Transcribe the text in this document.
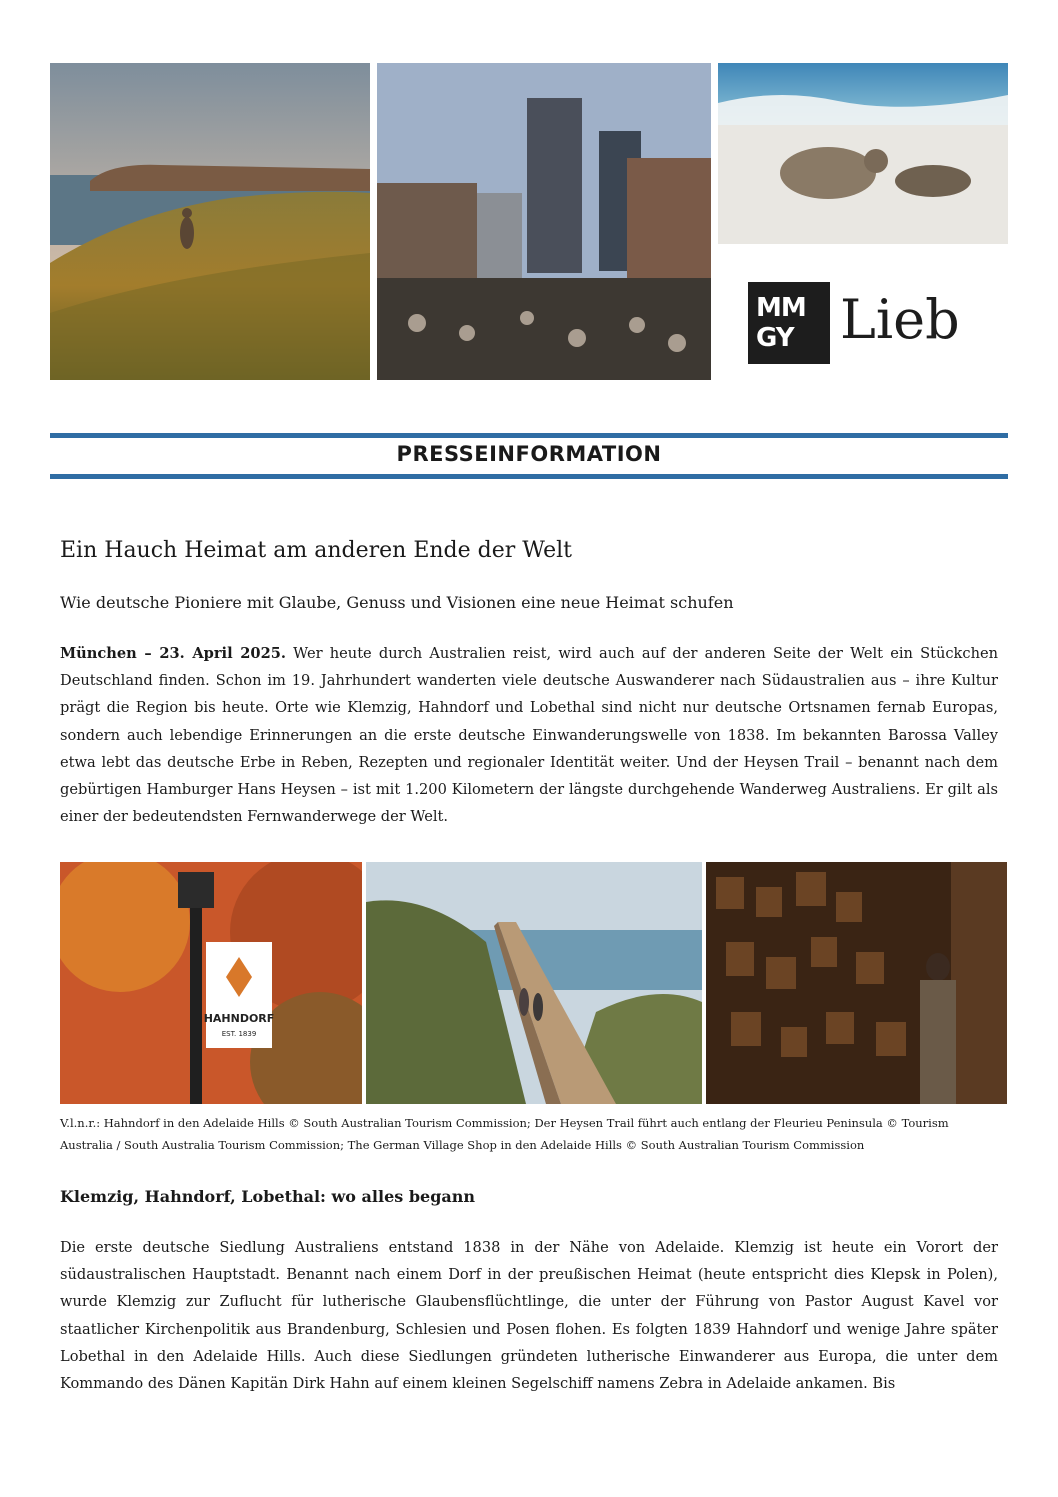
MM
GY Lieb
PRESSEINFORMATION
Ein Hauch Heimat am anderen Ende der Welt
Wie deutsche Pioniere mit Glaube, Genuss und Visionen eine neue Heimat schufen

München – 23. April 2025. Wer heute durch Australien reist, wird auch auf der anderen Seite der Welt ein Stückchen Deutschland finden. Schon im 19. Jahrhundert wanderten viele deutsche Auswanderer nach Südaustralien aus – ihre Kultur prägt die Region bis heute. Orte wie Klemzig, Hahndorf und Lobethal sind nicht nur deutsche Ortsnamen fernab Europas, sondern auch lebendige Erinnerungen an die erste deutsche Einwanderungswelle von 1838. Im bekannten Barossa Valley etwa lebt das deutsche Erbe in Reben, Rezepten und regionaler Identität weiter. Und der Heysen Trail – benannt nach dem gebürtigen Hamburger Hans Heysen – ist mit 1.200 Kilometern der längste durchgehende Wanderweg Australiens. Er gilt als einer der bedeutendsten Fernwanderwege der Welt.

HAHNDORF
EST. 1839

V.l.n.r.: Hahndorf in den Adelaide Hills © South Australian Tourism Commission; Der Heysen Trail führt auch entlang der Fleurieu Peninsula © Tourism Australia / South Australia Tourism Commission; The German Village Shop in den Adelaide Hills © South Australian Tourism Commission

Klemzig, Hahndorf, Lobethal: wo alles begann

Die erste deutsche Siedlung Australiens entstand 1838 in der Nähe von Adelaide. Klemzig ist heute ein Vorort der südaustralischen Hauptstadt. Benannt nach einem Dorf in der preußischen Heimat (heute entspricht dies Klepsk in Polen), wurde Klemzig zur Zuflucht für lutherische Glaubensflüchtlinge, die unter der Führung von Pastor August Kavel vor staatlicher Kirchenpolitik aus Brandenburg, Schlesien und Posen flohen. Es folgten 1839 Hahndorf und wenige Jahre später Lobethal in den Adelaide Hills. Auch diese Siedlungen gründeten lutherische Einwanderer aus Europa, die unter dem Kommando des Dänen Kapitän Dirk Hahn auf einem kleinen Segelschiff namens Zebra in Adelaide ankamen. Bis
